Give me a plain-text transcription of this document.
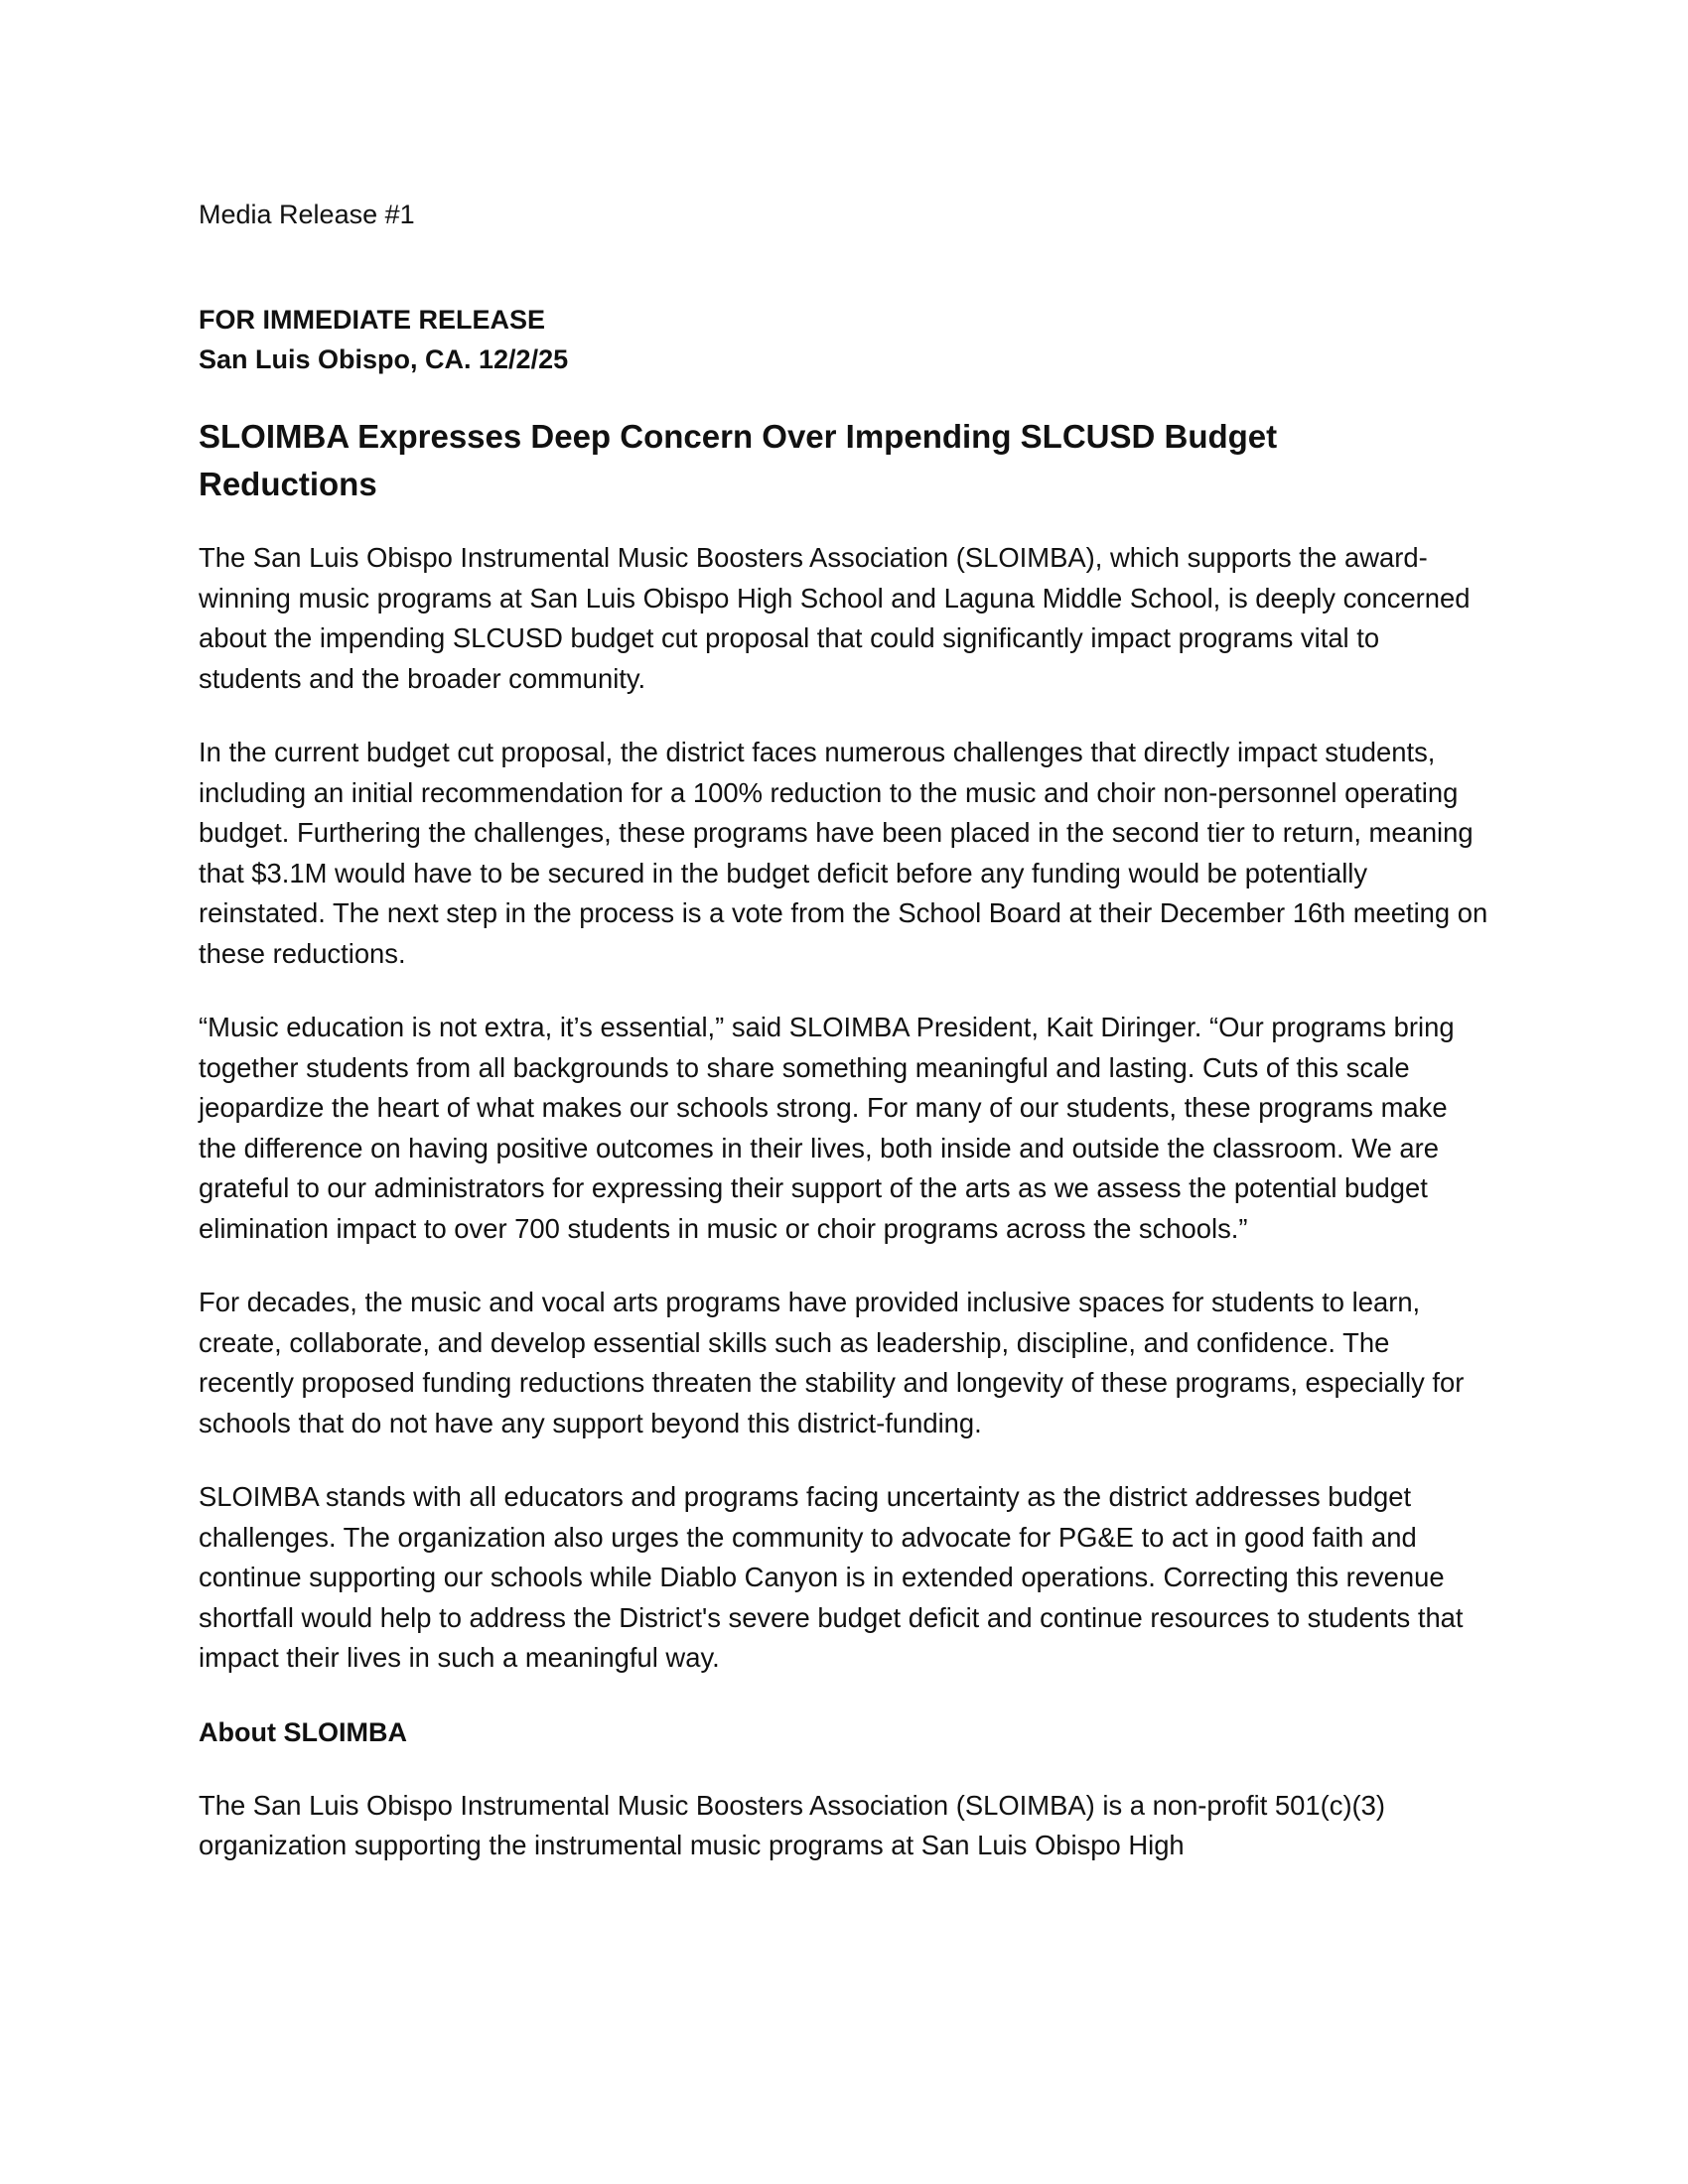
Media Release #1

FOR IMMEDIATE RELEASE

San Luis Obispo, CA. 12/2/25

SLOIMBA Expresses Deep Concern Over Impending SLCUSD Budget Reductions

The San Luis Obispo Instrumental Music Boosters Association (SLOIMBA), which supports the award-winning music programs at San Luis Obispo High School and Laguna Middle School, is deeply concerned about the impending SLCUSD budget cut proposal that could significantly impact programs vital to students and the broader community.

In the current budget cut proposal, the district faces numerous challenges that directly impact students, including an initial recommendation for a 100% reduction to the music and choir non-personnel operating budget. Furthering the challenges, these programs have been placed in the second tier to return, meaning that $3.1M would have to be secured in the budget deficit before any funding would be potentially reinstated. The next step in the process is a vote from the School Board at their December 16th meeting on these reductions.

“Music education is not extra, it’s essential,” said SLOIMBA President, Kait Diringer. “Our programs bring together students from all backgrounds to share something meaningful and lasting. Cuts of this scale jeopardize the heart of what makes our schools strong. For many of our students, these programs make the difference on having positive outcomes in their lives, both inside and outside the classroom. We are grateful to our administrators for expressing their support of the arts as we assess the potential budget elimination impact to over 700 students in music or choir programs across the schools.”

For decades, the music and vocal arts programs have provided inclusive spaces for students to learn, create, collaborate, and develop essential skills such as leadership, discipline, and confidence. The recently proposed funding reductions threaten the stability and longevity of these programs, especially for schools that do not have any support beyond this district-funding.

SLOIMBA stands with all educators and programs facing uncertainty as the district addresses budget challenges. The organization also urges the community to advocate for PG&E to act in good faith and continue supporting our schools while Diablo Canyon is in extended operations. Correcting this revenue shortfall would help to address the District's severe budget deficit and continue resources to students that impact their lives in such a meaningful way.

About SLOIMBA

The San Luis Obispo Instrumental Music Boosters Association (SLOIMBA) is a non-profit 501(c)(3) organization supporting the instrumental music programs at San Luis Obispo High
